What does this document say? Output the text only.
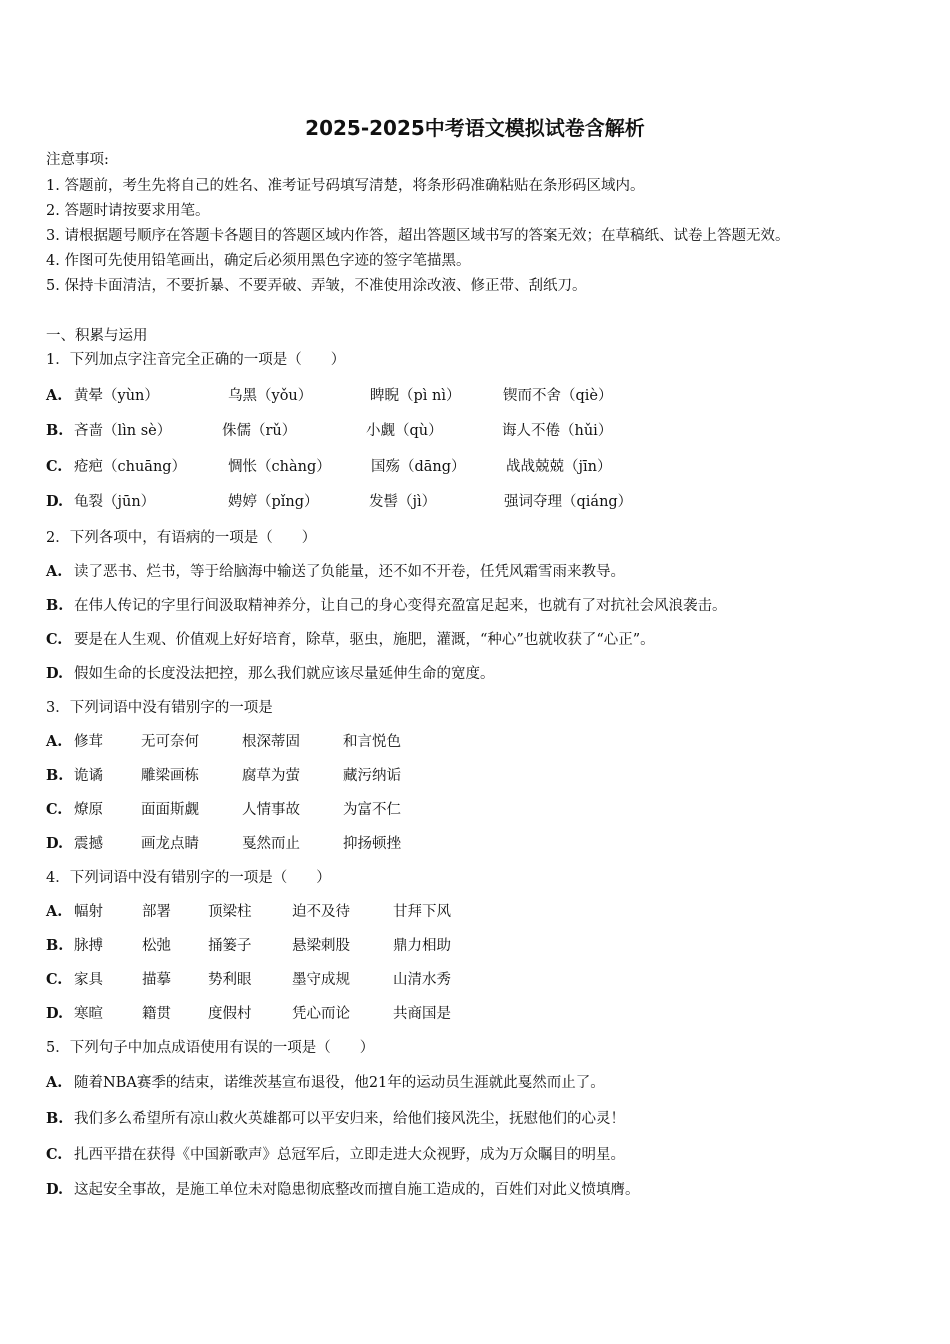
2025-2025中考语文模拟试卷含解析
注意事项:
1. 答题前，考生先将自己的姓名、准考证号码填写清楚，将条形码准确粘贴在条形码区域内。
2. 答题时请按要求用笔。
3. 请根据题号顺序在答题卡各题目的答题区域内作答，超出答题区域书写的答案无效；在草稿纸、试卷上答题无效。
4. 作图可先使用铅笔画出，确定后必须用黑色字迹的签字笔描黑。
5. 保持卡面清洁，不要折暴、不要弄破、弄皱，不准使用涂改液、修正带、刮纸刀。
一、积累与运用
1．下列加点字注音完全正确的一项是（　　）
A. 黄晕（yùn）	乌黑（yǒu）	睥睨（pì nì）	锲而不舍（qiè）
B. 吝啬（lìn sè）	侏儒（rǔ）	小觑（qù）	诲人不倦（hǔi）
C. 疮疤（chuāng）	惆怅（chàng）	国殇（dāng）	战战兢兢（jīn）
D. 龟裂（jūn）	娉婷（pǐng）	发髻（jì）	强词夺理（qiáng）
2．下列各项中，有语病的一项是（　　）
A. 读了恶书、烂书，等于给脑海中输送了负能量，还不如不开卷，任凭风霜雪雨来教导。
B. 在伟人传记的字里行间汲取精神养分，让自己的身心变得充盈富足起来，也就有了对抗社会风浪袭击。
C. 要是在人生观、价值观上好好培育，除草，驱虫，施肥，灌溉，“种心”也就收获了“心正”。
D. 假如生命的长度没法把控，那么我们就应该尽量延伸生命的宽度。
3．下列词语中没有错别字的一项是
A. 修茸	无可奈何	根深蒂固	和言悦色
B. 诡谲	雕梁画栋	腐草为萤	藏污纳诟
C. 燎原	面面斯觑	人情事故	为富不仁
D. 震撼	画龙点睛	戛然而止	抑扬顿挫
4．下列词语中没有错别字的一项是（　　）
A. 幅射	部署	顶梁柱	迫不及待	甘拜下风
B. 脉搏	松弛	捅篓子	悬梁刺股	鼎力相助
C. 家具	描摹	势利眼	墨守成规	山清水秀
D. 寒暄	籍贯	度假村	凭心而论	共商国是
5．下列句子中加点成语使用有误的一项是（　　）
A. 随着NBA赛季的结束，诺维茨基宣布退役，他21年的运动员生涯就此戛然而止了。
B. 我们多么希望所有凉山救火英雄都可以平安归来，给他们接风洗尘，抚慰他们的心灵！
C. 扎西平措在获得《中国新歌声》总冠军后，立即走进大众视野，成为万众瞩目的明星。
D. 这起安全事故，是施工单位未对隐患彻底整改而擅自施工造成的，百姓们对此义愤填膺。
